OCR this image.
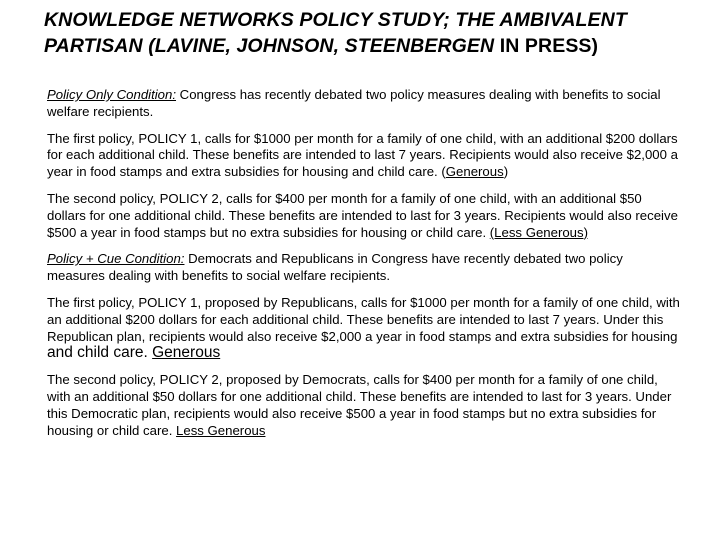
KNOWLEDGE NETWORKS POLICY STUDY; THE AMBIVALENT PARTISAN (LAVINE, JOHNSON, STEENBERGEN IN PRESS)

Policy Only Condition: Congress has recently debated two policy measures dealing with benefits to social welfare recipients.

The first policy, POLICY 1, calls for $1000 per month for a family of one child, with an additional $200 dollars for each additional child. These benefits are intended to last 7 years. Recipients would also receive $2,000 a year in food stamps and extra subsidies for housing and child care. (Generous)

The second policy, POLICY 2, calls for $400 per month for a family of one child, with an additional $50 dollars for one additional child. These benefits are intended to last for 3 years. Recipients would also receive $500 a year in food stamps but no extra subsidies for housing or child care. (Less Generous)

Policy + Cue Condition: Democrats and Republicans in Congress have recently debated two policy measures dealing with benefits to social welfare recipients.

The first policy, POLICY 1, proposed by Republicans, calls for $1000 per month for a family of one child, with an additional $200 dollars for each additional child. These benefits are intended to last 7 years. Under this Republican plan, recipients would also receive $2,000 a year in food stamps and extra subsidies for housing and child care. Generous

The second policy, POLICY 2, proposed by Democrats, calls for $400 per month for a family of one child, with an additional $50 dollars for one additional child. These benefits are intended to last for 3 years. Under this Democratic plan, recipients would also receive $500 a year in food stamps but no extra subsidies for housing or child care. Less Generous
